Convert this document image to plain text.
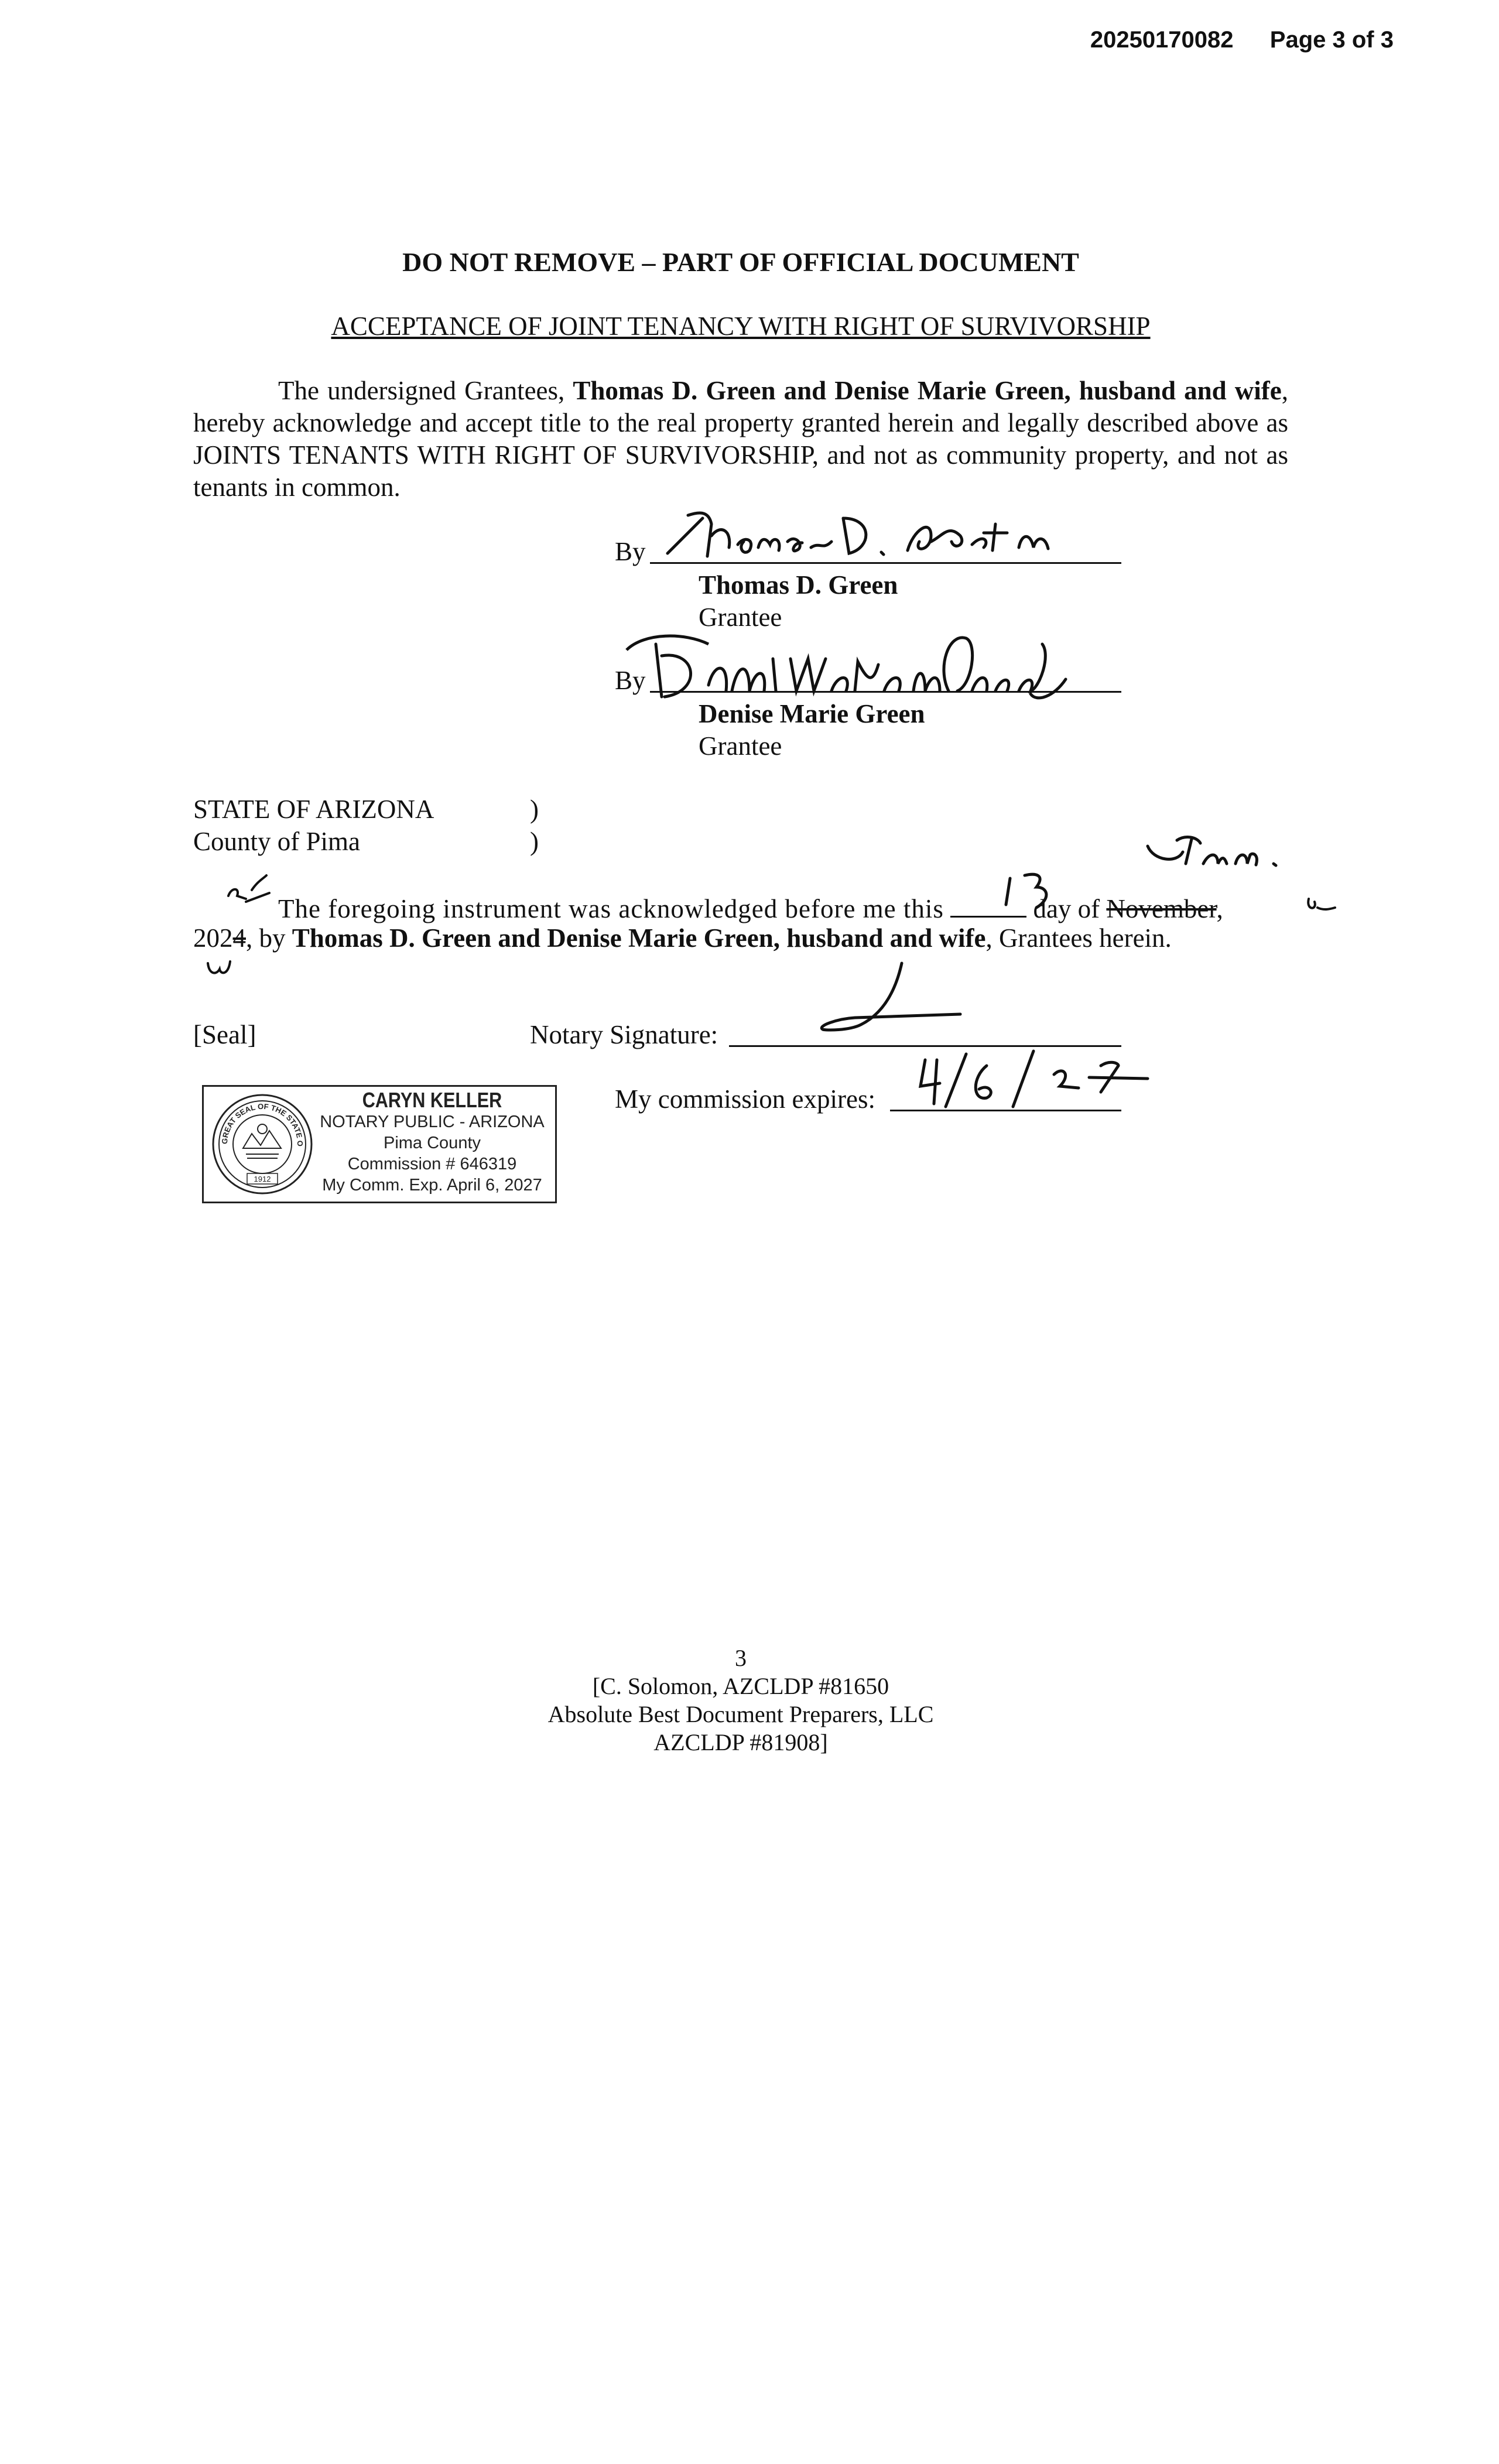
20250170082 Page 3 of 3
DO NOT REMOVE – PART OF OFFICIAL DOCUMENT
ACCEPTANCE OF JOINT TENANCY WITH RIGHT OF SURVIVORSHIP

The undersigned Grantees, Thomas D. Green and Denise Marie Green, husband and wife, hereby acknowledge and accept title to the real property granted herein and legally described above as JOINTS TENANTS WITH RIGHT OF SURVIVORSHIP, and not as community property, and not as tenants in common.

By
Thomas D. Green
Grantee
By
Denise Marie Green
Grantee
STATE OF ARIZONA	)
County of Pima	)
The foregoing instrument was acknowledged before me this	day of November,
2024, by Thomas D. Green and Denise Marie Green, husband and wife, Grantees herein.
[Seal]	Notary Signature:
My commission expires:
GREAT SEAL OF THE STATE OF ARIZONA
1912
CARYN KELLER
NOTARY PUBLIC - ARIZONA
Pima County
Commission # 646319
My Comm. Exp. April 6, 2027
3
[C. Solomon, AZCLDP #81650
Absolute Best Document Preparers, LLC
AZCLDP #81908]
